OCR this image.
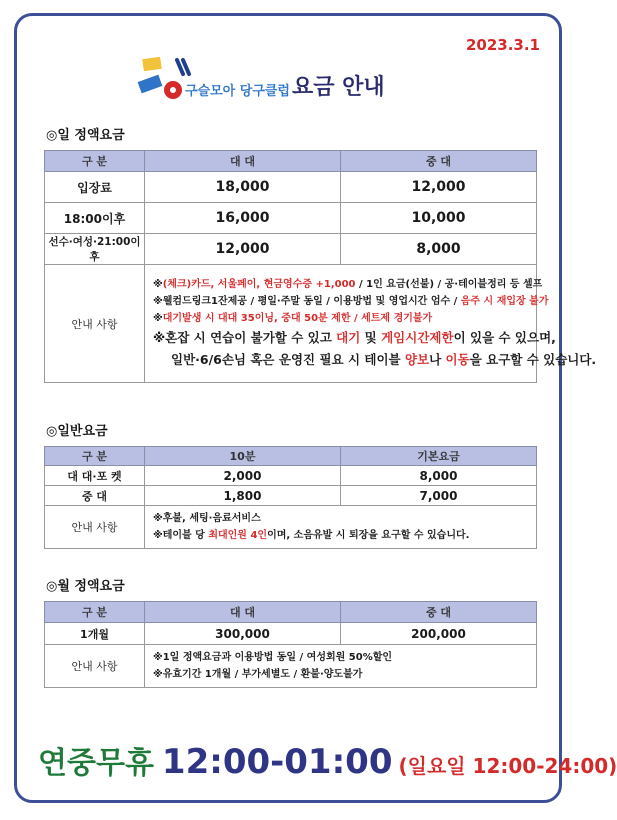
2023.3.1
구슬모아 당구클럽 요금 안내
◎일 정액요금
구 분	대 대	중 대
입장료	18,000	12,000
18:00이후	16,000	10,000
선수·여성·21:00이후	12,000	8,000
안내 사항	※(체크)카드, 서울페이, 현금영수증 +1,000 / 1인 요금(선불) / 공·테이블정리 등 셀프
※웰컴드링크1잔제공 / 평일·주말 동일 / 이용방법 및 영업시간 엄수 / 음주 시 재입장 불가
※대기발생 시 대대 35이닝, 중대 50분 제한 / 세트제 경기불가
※혼잡 시 연습이 불가할 수 있고 대기 및 게임시간제한이 있을 수 있으며,
일반·6/6손님 혹은 운영진 필요 시 테이블 양보나 이동을 요구할 수 있습니다.	
◎일반요금
구 분	10분	기본요금
대 대·포 켓	2,000	8,000
중 대	1,800	7,000
안내 사항	※후불, 세팅·음료서비스
※테이블 당 최대인원 4인이며, 소음유발 시 퇴장을 요구할 수 있습니다.	
◎월 정액요금
구 분	대 대	중 대
1개월	300,000	200,000
안내 사항	※1일 정액요금과 이용방법 동일 / 여성회원 50%할인
※유효기간 1개월 / 부가세별도 / 환불·양도불가	
연중무휴 12:00-01:00 (일요일 12:00-24:00)
